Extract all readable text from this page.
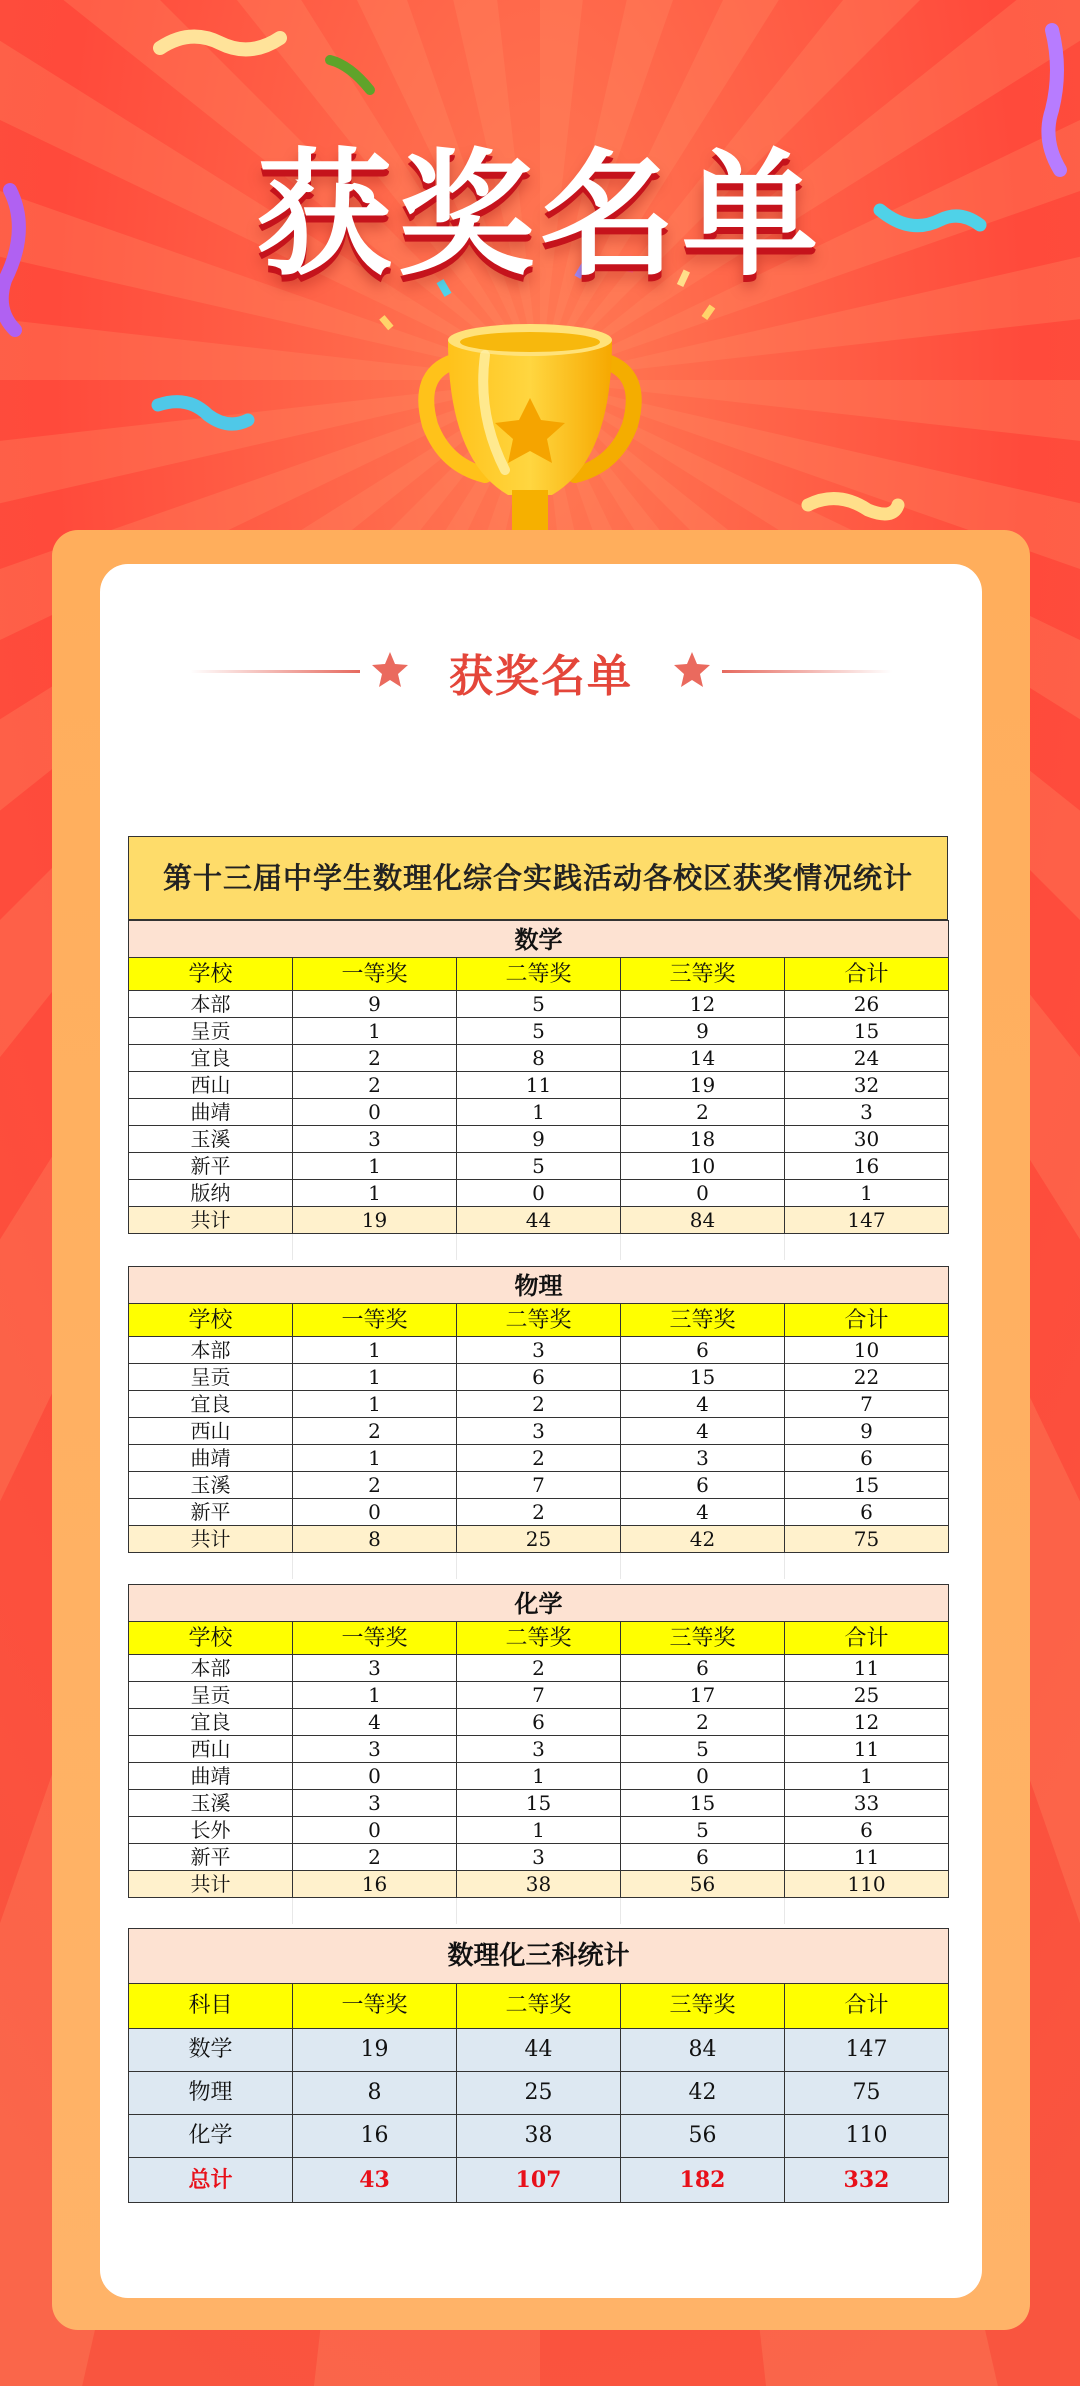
获奖名单
获奖名单
第十三届中学生数理化综合实践活动各校区获奖情况统计
数学				
学校	一等奖	二等奖	三等奖	合计
本部	9	5	12	26
呈贡	1	5	9	15
宜良	2	8	14	24
西山	2	11	19	32
曲靖	0	1	2	3
玉溪	3	9	18	30
新平	1	5	10	16
版纳	1	0	0	1
共计	19	44	84	147

物理				
学校	一等奖	二等奖	三等奖	合计
本部	1	3	6	10
呈贡	1	6	15	22
宜良	1	2	4	7
西山	2	3	4	9
曲靖	1	2	3	6
玉溪	2	7	6	15
新平	0	2	4	6
共计	8	25	42	75

化学				
学校	一等奖	二等奖	三等奖	合计
本部	3	2	6	11
呈贡	1	7	17	25
宜良	4	6	2	12
西山	3	3	5	11
曲靖	0	1	0	1
玉溪	3	15	15	33
长外	0	1	5	6
新平	2	3	6	11
共计	16	38	56	110

数理化三科统计				
科目	一等奖	二等奖	三等奖	合计
数学	19	44	84	147
物理	8	25	42	75
化学	16	38	56	110
总计	43	107	182	332
